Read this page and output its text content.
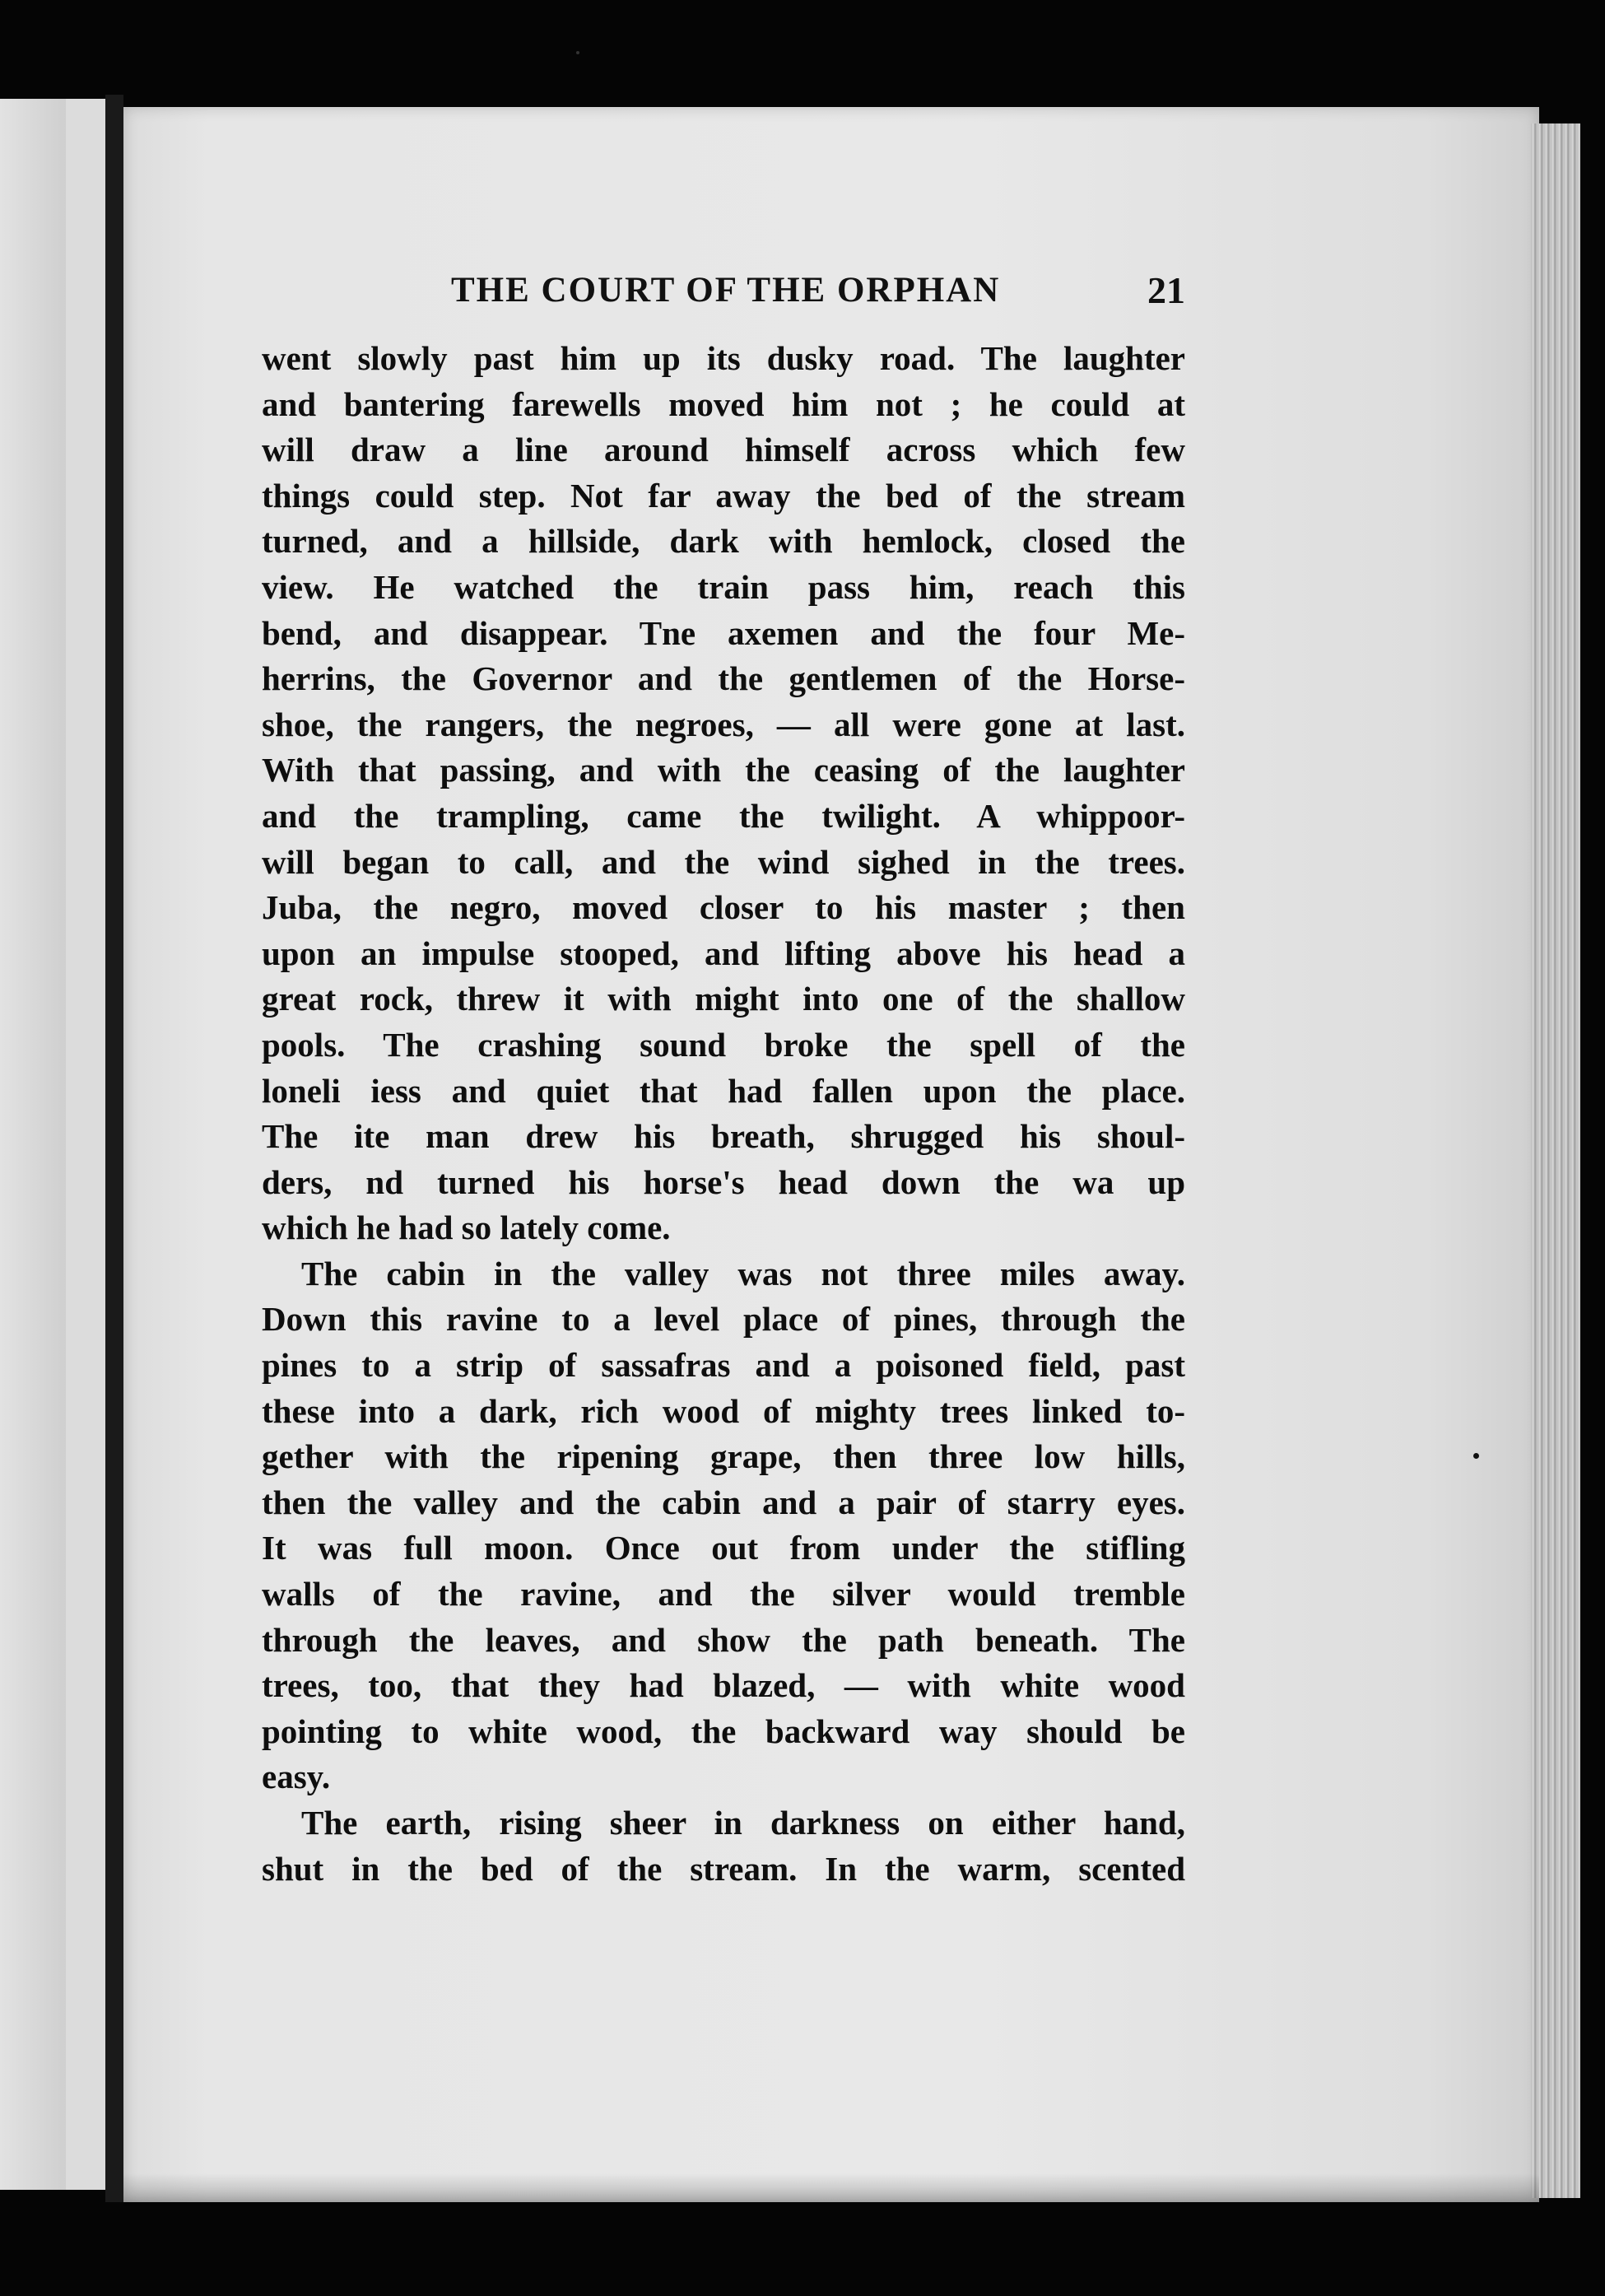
THE COURT OF THE ORPHAN	21
went slowly past him up its dusky road. The laughter
and bantering farewells moved him not ; he could at
will draw a line around himself across which few
things could step. Not far away the bed of the stream
turned, and a hillside, dark with hemlock, closed the
view. He watched the train pass him, reach this
bend, and disappear. Tne axemen and the four Me-
herrins, the Governor and the gentlemen of the Horse-
shoe, the rangers, the negroes, — all were gone at last.
With that passing, and with the ceasing of the laughter
and the trampling, came the twilight. A whippoor-
will began to call, and the wind sighed in the trees.
Juba, the negro, moved closer to his master ; then
upon an impulse stooped, and lifting above his head a
great rock, threw it with might into one of the shallow
pools. The crashing sound broke the spell of the
loneli iess and quiet that had fallen upon the place.
The ite man drew his breath, shrugged his shoul-
ders, nd turned his horse's head down the wa up
which he had so lately come.
The cabin in the valley was not three miles away.
Down this ravine to a level place of pines, through the
pines to a strip of sassafras and a poisoned field, past
these into a dark, rich wood of mighty trees linked to-
gether with the ripening grape, then three low hills,
then the valley and the cabin and a pair of starry eyes.
It was full moon. Once out from under the stifling
walls of the ravine, and the silver would tremble
through the leaves, and show the path beneath. The
trees, too, that they had blazed, — with white wood
pointing to white wood, the backward way should be
easy.
The earth, rising sheer in darkness on either hand,
shut in the bed of the stream. In the warm, scented
